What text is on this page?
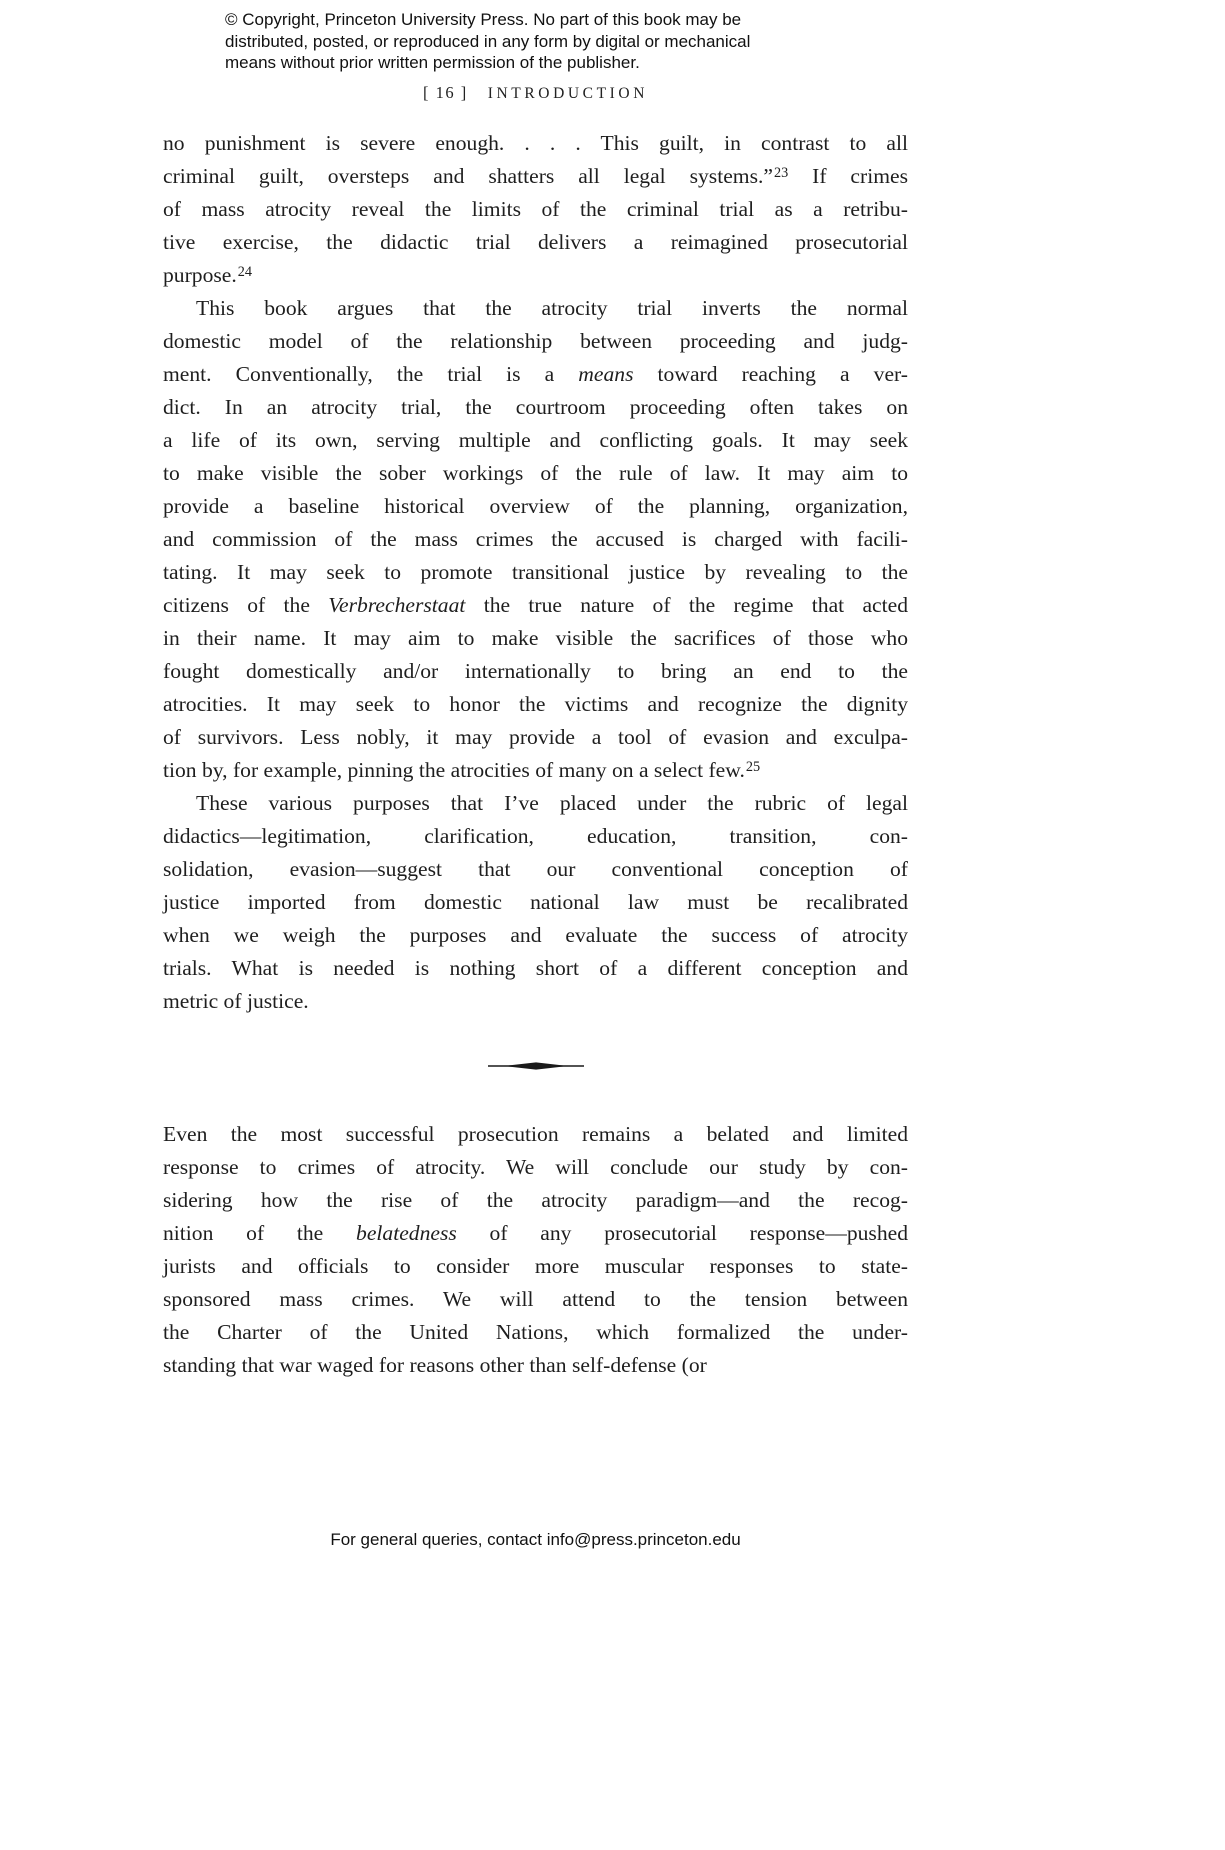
© Copyright, Princeton University Press. No part of this book may be
distributed, posted, or reproduced in any form by digital or mechanical
means without prior written permission of the publisher.
[ 16 ] INTRODUCTION
no punishment is severe enough. . . . This guilt, in contrast to all
criminal guilt, oversteps and shatters all legal systems.”$^{23}$ If crimes
of mass atrocity reveal the limits of the criminal trial as a retribu-
tive exercise, the didactic trial delivers a reimagined prosecutorial
purpose.$^{24}$
This book argues that the atrocity trial inverts the normal
domestic model of the relationship between proceeding and judg-
ment. Conventionally, the trial is a means toward reaching a ver-
dict. In an atrocity trial, the courtroom proceeding often takes on
a life of its own, serving multiple and conflicting goals. It may seek
to make visible the sober workings of the rule of law. It may aim to
provide a baseline historical overview of the planning, organization,
and commission of the mass crimes the accused is charged with facili-
tating. It may seek to promote transitional justice by revealing to the
citizens of the Verbrecherstaat the true nature of the regime that acted
in their name. It may aim to make visible the sacrifices of those who
fought domestically and/or internationally to bring an end to the
atrocities. It may seek to honor the victims and recognize the dignity
of survivors. Less nobly, it may provide a tool of evasion and exculpa-
tion by, for example, pinning the atrocities of many on a select few.$^{25}$
These various purposes that I’ve placed under the rubric of legal
didactics—legitimation, clarification, education, transition, con-
solidation, evasion—suggest that our conventional conception of
justice imported from domestic national law must be recalibrated
when we weigh the purposes and evaluate the success of atrocity
trials. What is needed is nothing short of a different conception and
metric of justice.
Even the most successful prosecution remains a belated and limited
response to crimes of atrocity. We will conclude our study by con-
sidering how the rise of the atrocity paradigm—and the recog-
nition of the belatedness of any prosecutorial response—pushed
jurists and officials to consider more muscular responses to state-
sponsored mass crimes. We will attend to the tension between
the Charter of the United Nations, which formalized the under-
standing that war waged for reasons other than self-defense (or
For general queries, contact info@press.princeton.edu
